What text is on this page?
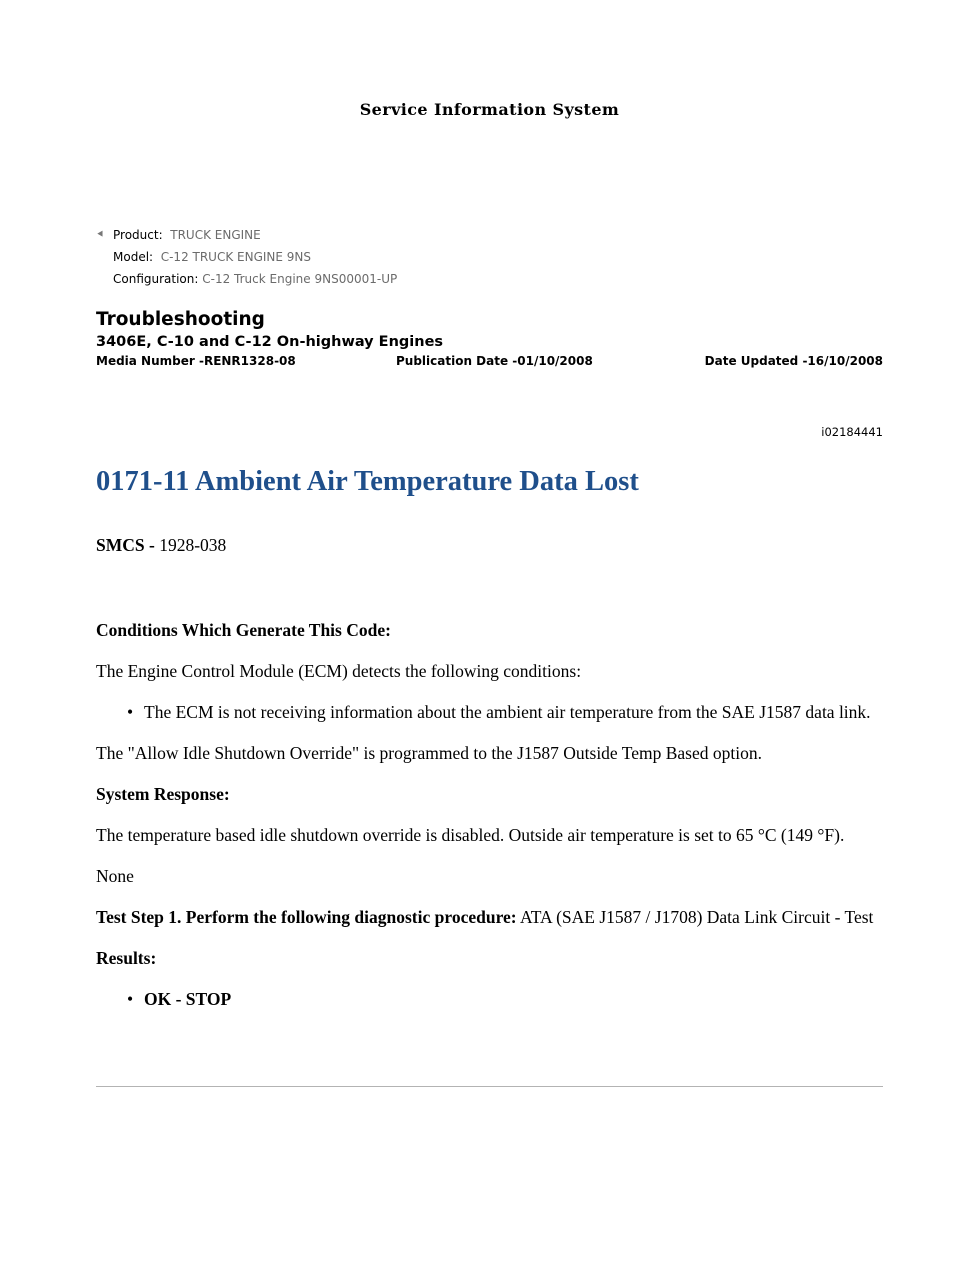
Service Information System
⯇ Product: TRUCK ENGINE
Model: C-12 TRUCK ENGINE 9NS
Configuration: C-12 Truck Engine 9NS00001-UP
Troubleshooting
3406E, C-10 and C-12 On-highway Engines
Media Number -RENR1328-08	Publication Date -01/10/2008	Date Updated -16/10/2008
i02184441
0171-11 Ambient Air Temperature Data Lost

SMCS - 1928-038

Conditions Which Generate This Code:

The Engine Control Module (ECM) detects the following conditions:

• The ECM is not receiving information about the ambient air temperature from the SAE J1587 data link.

The "Allow Idle Shutdown Override" is programmed to the J1587 Outside Temp Based option.

System Response:

The temperature based idle shutdown override is disabled. Outside air temperature is set to 65 °C (149 °F).

None

Test Step 1. Perform the following diagnostic procedure: ATA (SAE J1587 / J1708) Data Link Circuit - Test

Results:

• OK - STOP
